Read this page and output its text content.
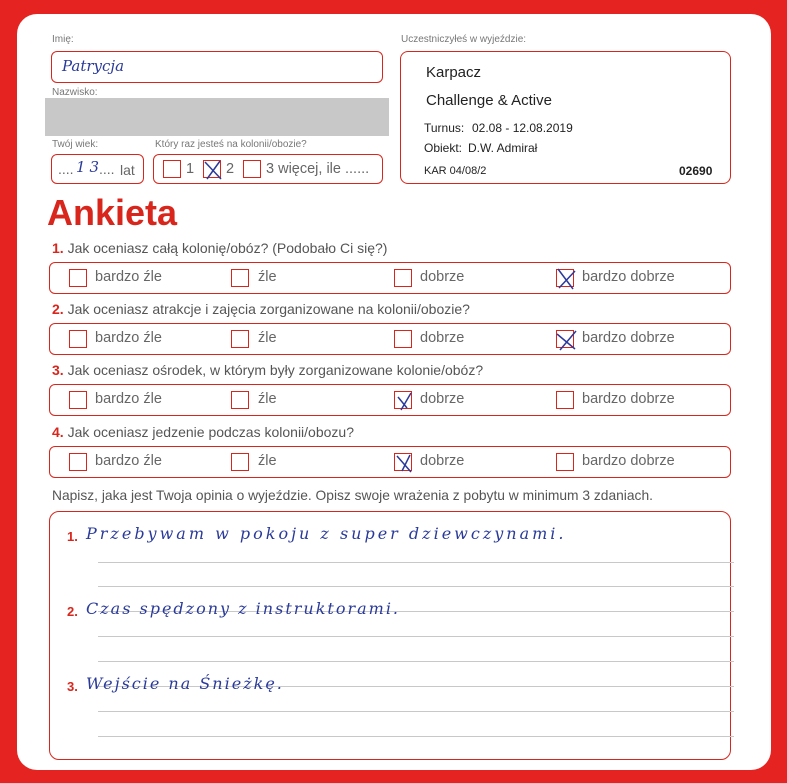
Imię:
Patrycja
Nazwisko:
Twój wiek:
.... 13
.... lat
Który raz jesteś na kolonii/obozie?
1 2 3 więcej, ile ......
Uczestniczyłeś w wyjeździe:
Karpacz
Challenge & Active
Turnus: 02.08 - 12.08.2019
Obiekt: D.W. Admirał
KAR 04/08/2	02690
Ankieta
1. Jak oceniasz całą kolonię/obóz? (Podobało Ci się?)
bardzo źle	źle	dobrze	bardzo dobrze
2. Jak oceniasz atrakcje i zajęcia zorganizowane na kolonii/obozie?
bardzo źle	źle	dobrze	bardzo dobrze
3. Jak oceniasz ośrodek, w którym były zorganizowane kolonie/obóz?
bardzo źle	źle	dobrze	bardzo dobrze
4. Jak oceniasz jedzenie podczas kolonii/obozu?
bardzo źle	źle	dobrze	bardzo dobrze
Napisz, jaka jest Twoja opinia o wyjeździe. Opisz swoje wrażenia z pobytu w minimum 3 zdaniach.
1. Przebywam w pokoju z super dziewczynami.
2. Czas spędzony z instruktorami.
3. Wejście na Śnieżkę.
